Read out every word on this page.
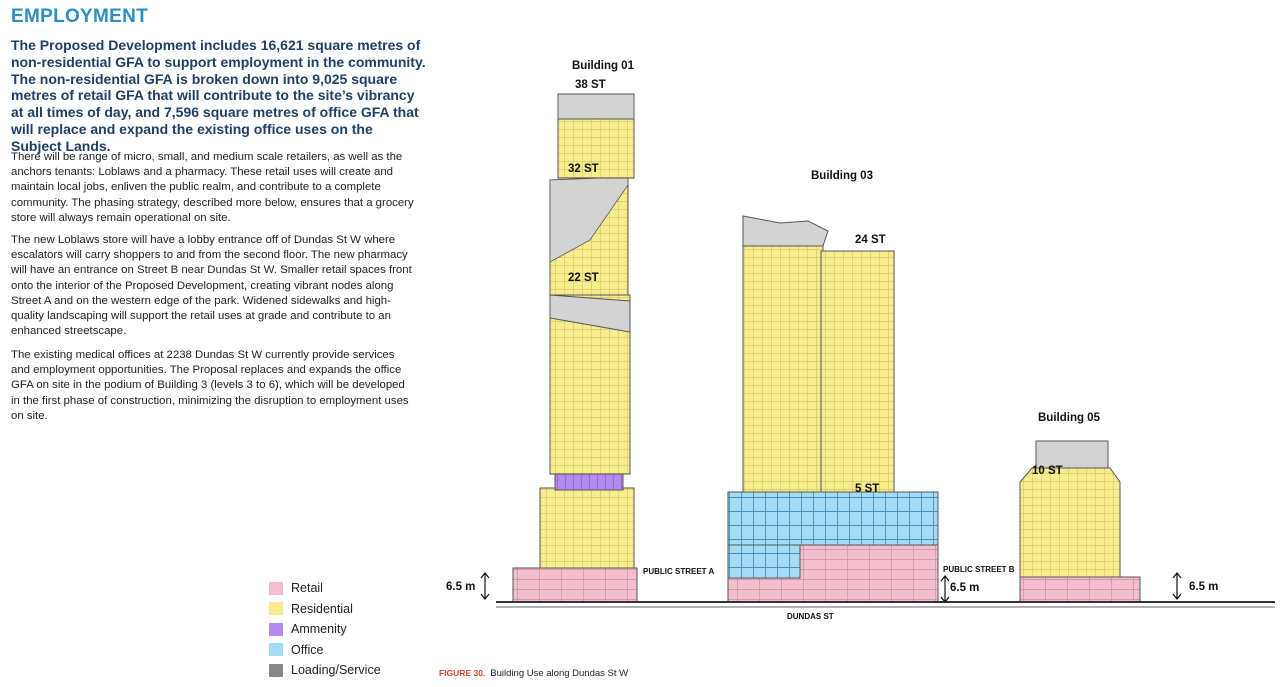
EMPLOYMENT

The Proposed Development includes 16,621 square metres of non-residential GFA to support employment in the community. The non-residential GFA is broken down into 9,025 square metres of retail GFA that will contribute to the site’s vibrancy at all times of day, and 7,596 square metres of office GFA that will replace and expand the existing office uses on the Subject Lands.

There will be range of micro, small, and medium scale retailers, as well as the anchors tenants: Loblaws and a pharmacy. These retail uses will create and maintain local jobs, enliven the public realm, and contribute to a complete community. The phasing strategy, described more below, ensures that a grocery store will always remain operational on site.

The new Loblaws store will have a lobby entrance off of Dundas St W where escalators will carry shoppers to and from the second floor. The new pharmacy will have an entrance on Street B near Dundas St W. Smaller retail spaces front onto the interior of the Proposed Development, creating vibrant nodes along Street A and on the western edge of the park. Widened sidewalks and high-quality landscaping will support the retail uses at grade and contribute to an enhanced streetscape.

The existing medical offices at 2238 Dundas St W currently provide services and employment opportunities. The Proposal replaces and expands the office GFA on site in the podium of Building 3 (levels 3 to 6), which will be developed in the first phase of construction, minimizing the disruption to employment uses on site.

Building 01
38 ST
32 ST
22 ST
Building 03
24 ST
5 ST
Building 05
10 ST
PUBLIC STREET A	PUBLIC STREET B
DUNDAS ST
6.5 m	6.5 m	6.5 m
Retail
Residential
Ammenity
Office
Loading/Service	FIGURE 30. Building Use along Dundas St W
